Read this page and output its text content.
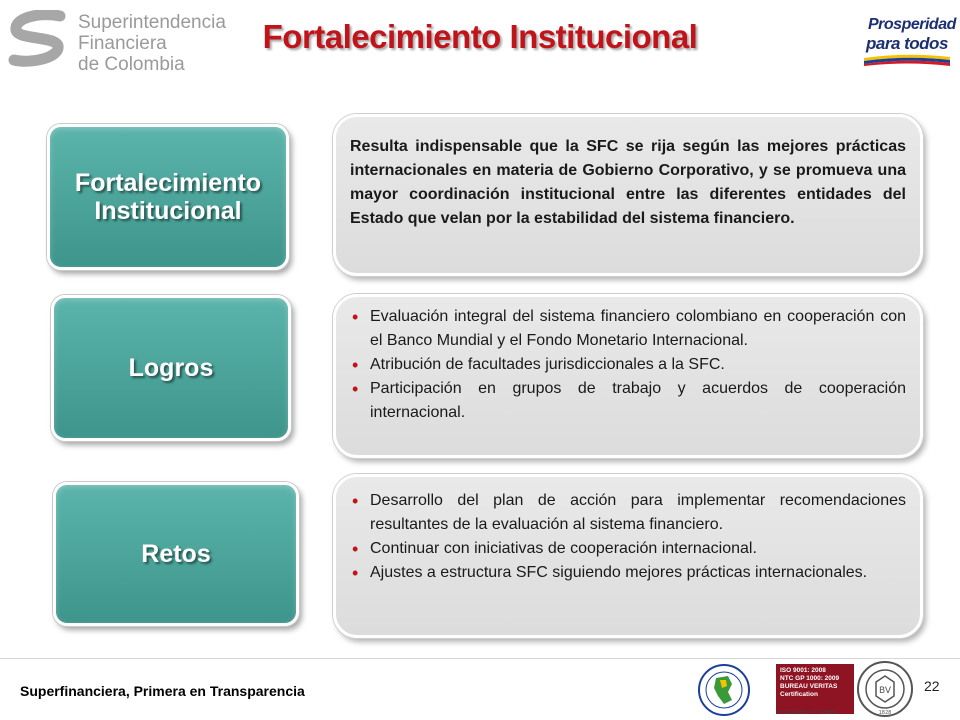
Superintendencia
Financiera
de Colombia
Fortalecimiento Institucional	Prosperidad
para todos
Fortalecimiento
Institucional
Resulta indispensable que la SFC se rija según las mejores prácticas internacionales en materia de Gobierno Corporativo, y se promueva una mayor coordinación institucional entre las diferentes entidades del Estado que velan por la estabilidad del sistema financiero.
Logros
• Evaluación integral del sistema financiero colombiano en cooperación con el Banco Mundial y el Fondo Monetario Internacional.
• Atribución de facultades jurisdiccionales a la SFC.
• Participación en grupos de trabajo y acuerdos de cooperación internacional.
Retos
• Desarrollo del plan de acción para implementar recomendaciones resultantes de la evaluación al sistema financiero.
• Continuar con iniciativas de cooperación internacional.
• Ajustes a estructura SFC siguiendo mejores prácticas internacionales.
Superfinanciera, Primera en Transparencia
ISO 9001: 2008
NTC GP 1000: 2009
BUREAU VERITAS
Certification
N° CO234339 / N° GP0151
BV
1828
22
